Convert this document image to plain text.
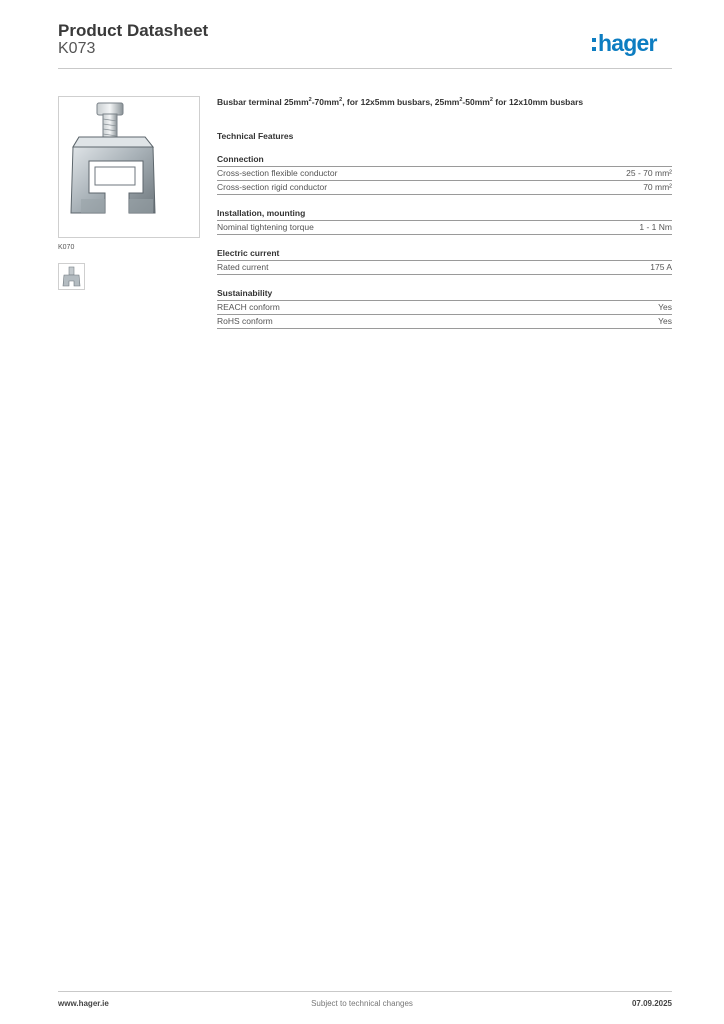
Product Datasheet
K073	hager
K070
Busbar terminal $25mm^2-70mm^2$, for 12x5mm busbars, $25mm^2-50mm^2$ for 12x10mm busbars
Technical Features
Connection
Cross-section flexible conductor	25 - 70 mm²
Cross-section rigid conductor	70 mm²
Installation, mounting
Nominal tightening torque	1 - 1 Nm
Electric current
Rated current	175 A
Sustainability
REACH conform	Yes
RoHS conform	Yes
www.hager.ie	Subject to technical changes	07.09.2025
